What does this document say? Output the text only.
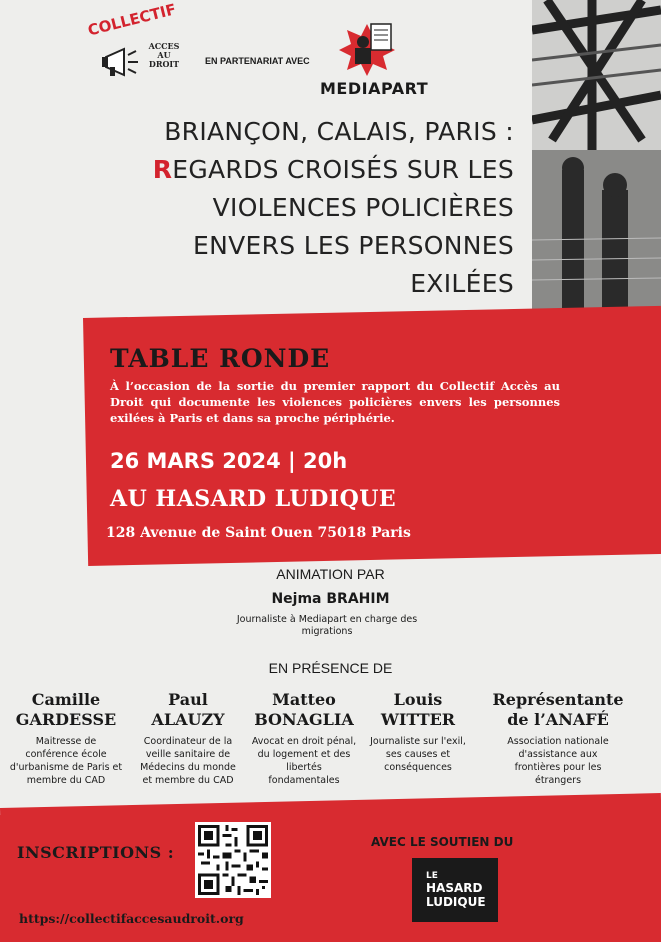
COLLECTIF
ACCES AU DROIT	EN PARTENARIAT AVEC
MEDIAPART
BRIANÇON, CALAIS, PARIS :
REGARDS CROISÉS SUR LES
VIOLENCES POLICIÈRES
ENVERS LES PERSONNES
EXILÉES
TABLE RONDE
À l’occasion de la sortie du premier rapport du Collectif Accès au Droit qui documente les violences policières envers les personnes exilées à Paris et dans sa proche périphérie.
26 MARS 2024 | 20h
AU HASARD LUDIQUE
128 Avenue de Saint Ouen 75018 Paris
ANIMATION PAR
Nejma BRAHIM
Journaliste à Mediapart en charge des migrations
EN PRÉSENCE DE
Camille
GARDESSE
Maitresse de conférence école d'urbanisme de Paris et membre du CAD
Paul
ALAUZY
Coordinateur de la veille sanitaire de Médecins du monde et membre du CAD
Matteo
BONAGLIA
Avocat en droit pénal, du logement et des libertés fondamentales
Louis
WITTER
Journaliste sur l'exil, ses causes et conséquences
Représentante
de l’ANAFÉ
Association nationale d'assistance aux frontières pour les étrangers
INSCRIPTIONS :
https://collectifaccesaudroit.org
AVEC LE SOUTIEN DU
LE
HASARD
LUDIQUE
